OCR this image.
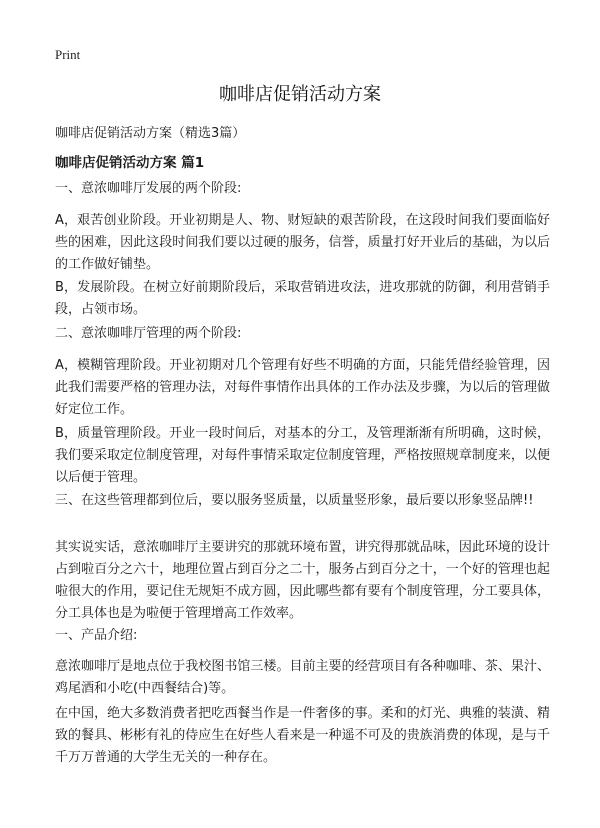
Print
咖啡店促销活动方案
咖啡店促销活动方案（精选3篇）
咖啡店促销活动方案 篇1
一、意浓咖啡厅发展的两个阶段:
A，艰苦创业阶段。开业初期是人、物、财短缺的艰苦阶段，在这段时间我们要面临好些的困难，因此这段时间我们要以过硬的服务，信誉，质量打好开业后的基础，为以后的工作做好铺垫。
B，发展阶段。在树立好前期阶段后，采取营销进攻法，进攻那就的防御，利用营销手段，占领市场。
二、意浓咖啡厅管理的两个阶段:
A，模糊管理阶段。开业初期对几个管理有好些不明确的方面，只能凭借经验管理，因此我们需要严格的管理办法，对每件事情作出具体的工作办法及步骤，为以后的管理做好定位工作。
B，质量管理阶段。开业一段时间后，对基本的分工，及管理渐渐有所明确，这时候，我们要采取定位制度管理，对每件事情采取定位制度管理，严格按照规章制度来，以便以后便于管理。
三、在这些管理都到位后，要以服务竖质量，以质量竖形象，最后要以形象竖品牌!!
其实说实话，意浓咖啡厅主要讲究的那就环境布置，讲究得那就品味，因此环境的设计占到啦百分之六十，地理位置占到百分之二十，服务占到百分之十，一个好的管理也起啦很大的作用，要记住无规矩不成方圆，因此哪些都有要有个制度管理，分工要具体，分工具体也是为啦便于管理增高工作效率。
一、产品介绍:
意浓咖啡厅是地点位于我校图书馆三楼。目前主要的经营项目有各种咖啡、茶、果汁、鸡尾酒和小吃(中西餐结合)等。
在中国，绝大多数消费者把吃西餐当作是一件奢侈的事。柔和的灯光、典雅的装潢、精致的餐具、彬彬有礼的侍应生在好些人看来是一种遥不可及的贵族消费的体现，是与千千万万普通的大学生无关的一种存在。
